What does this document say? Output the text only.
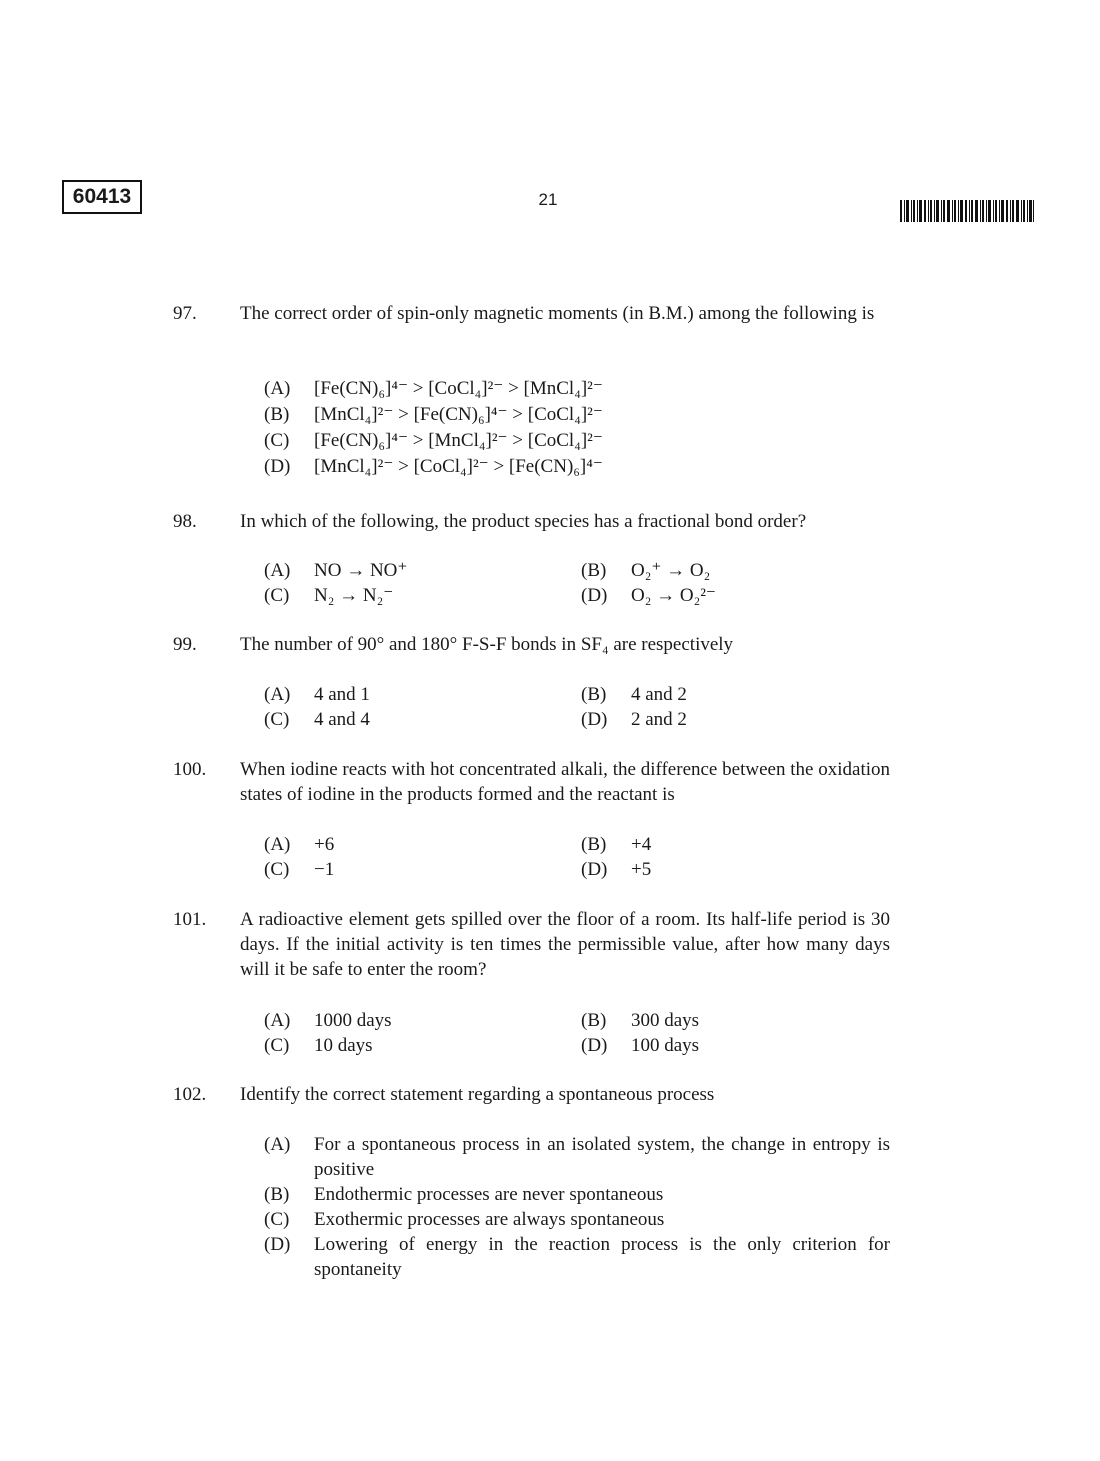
60413	21
97. The correct order of spin-only magnetic moments (in B.M.) among the following is
(A) [Fe(CN)₆]⁴⁻ > [CoCl₄]²⁻ > [MnCl₄]²⁻
(B) [MnCl₄]²⁻ > [Fe(CN)₆]⁴⁻ > [CoCl₄]²⁻
(C) [Fe(CN)₆]⁴⁻ > [MnCl₄]²⁻ > [CoCl₄]²⁻
(D) [MnCl₄]²⁻ > [CoCl₄]²⁻ > [Fe(CN)₆]⁴⁻
98. In which of the following, the product species has a fractional bond order?
(A) NO → NO⁺	(B) O₂⁺ → O₂
(C) N₂ → N₂⁻	(D) O₂ → O₂²⁻
99. The number of 90° and 180° F-S-F bonds in SF₄ are respectively
(A) 4 and 1	(B) 4 and 2
(C) 4 and 4	(D) 2 and 2
100. When iodine reacts with hot concentrated alkali, the difference between the oxidation states of iodine in the products formed and the reactant is
(A) +6	(B) +4
(C) −1	(D) +5
101. A radioactive element gets spilled over the floor of a room. Its half-life period is 30 days. If the initial activity is ten times the permissible value, after how many days will it be safe to enter the room?
(A) 1000 days	(B) 300 days
(C) 10 days	(D) 100 days
102. Identify the correct statement regarding a spontaneous process
(A) For a spontaneous process in an isolated system, the change in entropy is positive
(B) Endothermic processes are never spontaneous
(C) Exothermic processes are always spontaneous
(D) Lowering of energy in the reaction process is the only criterion for spontaneity
